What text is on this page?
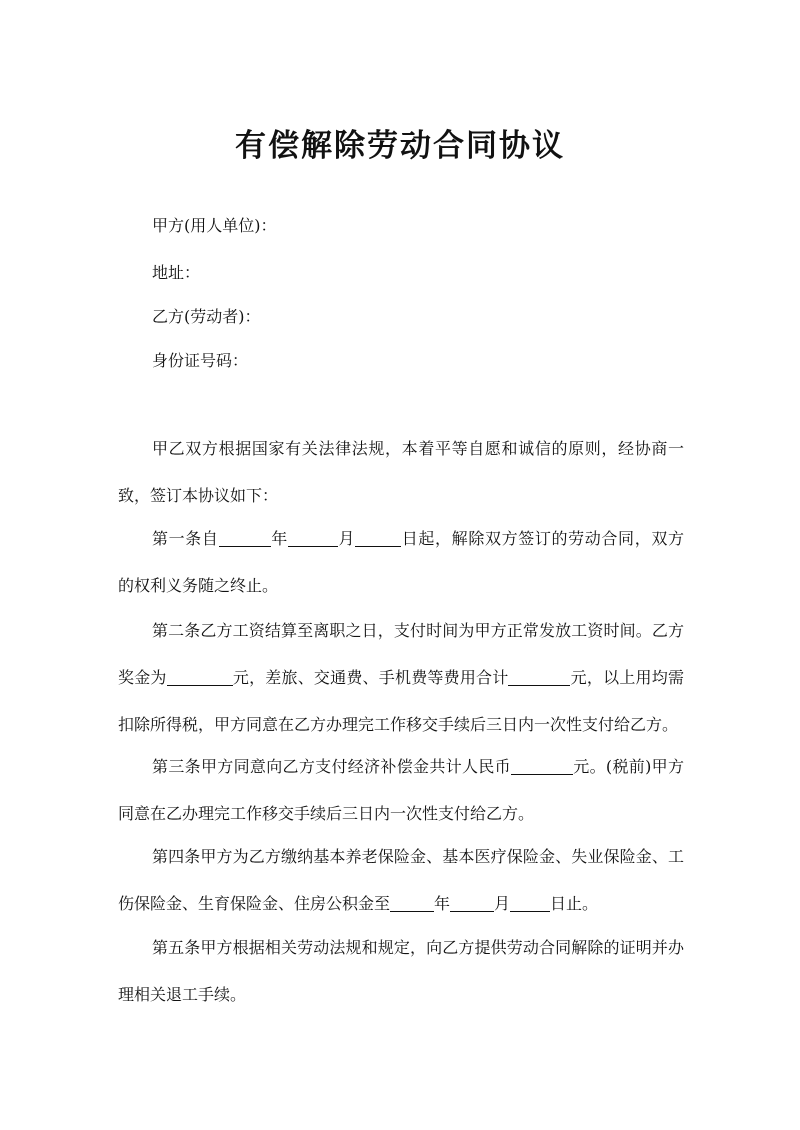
有偿解除劳动合同协议

甲方(用人单位)：

地址：

乙方(劳动者)：

身份证号码：

甲乙双方根据国家有关法律法规，本着平等自愿和诚信的原则，经协商一致，签订本协议如下：

第一条自	年	月	日起，解除双方签订的劳动合同，双方的权利义务随之终止。

第二条乙方工资结算至离职之日，支付时间为甲方正常发放工资时间。乙方奖金为	元，差旅、交通费、手机费等费用合计	元，以上用均需扣除所得税，甲方同意在乙方办理完工作移交手续后三日内一次性支付给乙方。

第三条甲方同意向乙方支付经济补偿金共计人民币	元。(税前)甲方同意在乙办理完工作移交手续后三日内一次性支付给乙方。

第四条甲方为乙方缴纳基本养老保险金、基本医疗保险金、失业保险金、工伤保险金、生育保险金、住房公积金至	年	月	日止。

第五条甲方根据相关劳动法规和规定，向乙方提供劳动合同解除的证明并办理相关退工手续。
